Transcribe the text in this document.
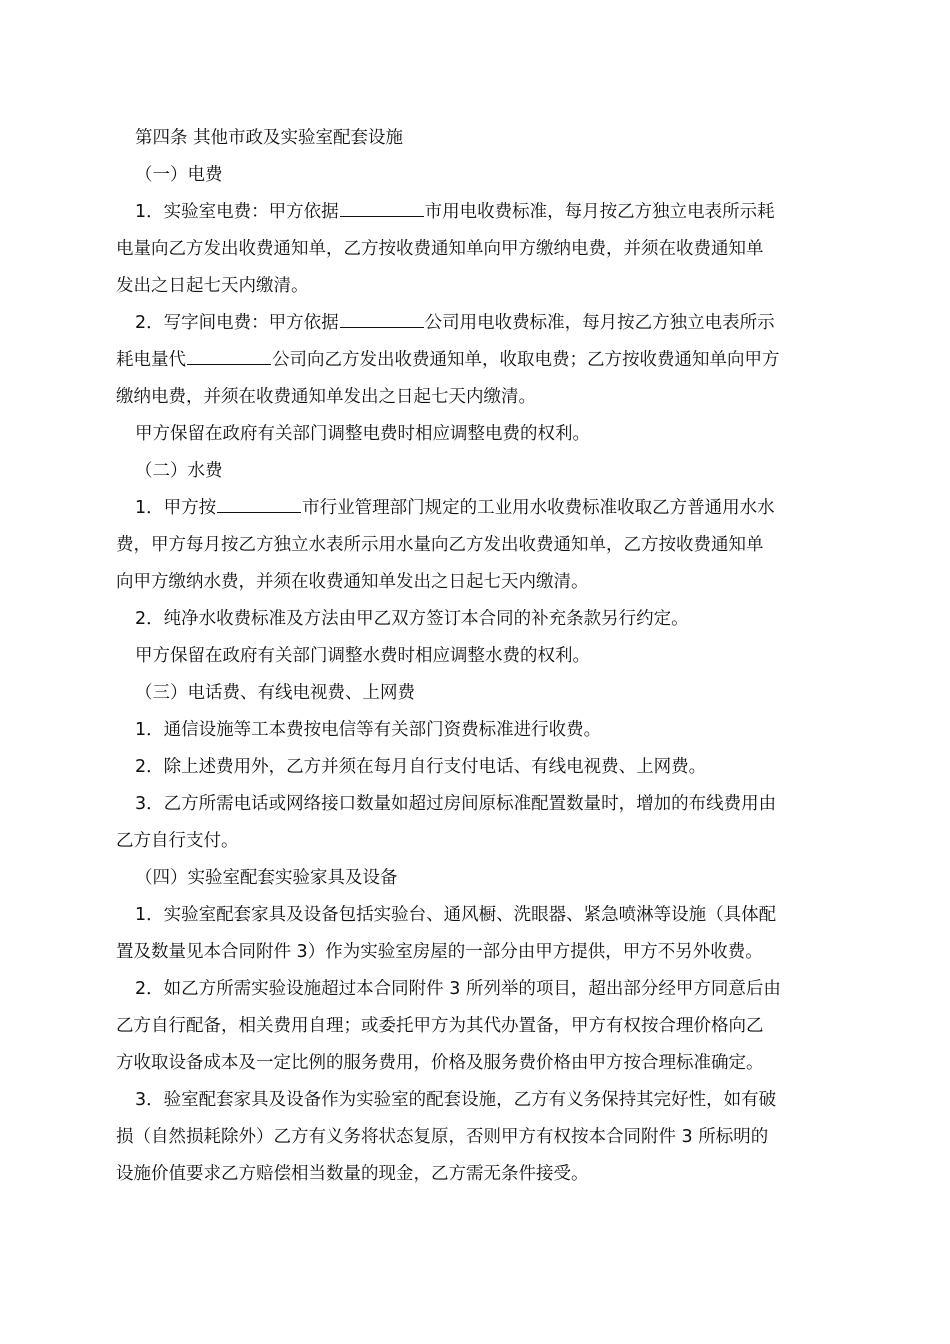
第四条 其他市政及实验室配套设施
（一）电费
1．实验室电费：甲方依据	市用电收费标准，每月按乙方独立电表所示耗
电量向乙方发出收费通知单，乙方按收费通知单向甲方缴纳电费，并须在收费通知单
发出之日起七天内缴清。
2．写字间电费：甲方依据	公司用电收费标准，每月按乙方独立电表所示
耗电量代	公司向乙方发出收费通知单，收取电费；乙方按收费通知单向甲方
缴纳电费，并须在收费通知单发出之日起七天内缴清。
甲方保留在政府有关部门调整电费时相应调整电费的权利。
（二）水费
1．甲方按	市行业管理部门规定的工业用水收费标准收取乙方普通用水水
费，甲方每月按乙方独立水表所示用水量向乙方发出收费通知单，乙方按收费通知单
向甲方缴纳水费，并须在收费通知单发出之日起七天内缴清。
2．纯净水收费标准及方法由甲乙双方签订本合同的补充条款另行约定。
甲方保留在政府有关部门调整水费时相应调整水费的权利。
（三）电话费、有线电视费、上网费
1．通信设施等工本费按电信等有关部门资费标准进行收费。
2．除上述费用外，乙方并须在每月自行支付电话、有线电视费、上网费。
3．乙方所需电话或网络接口数量如超过房间原标准配置数量时，增加的布线费用由
乙方自行支付。
（四）实验室配套实验家具及设备
1．实验室配套家具及设备包括实验台、通风橱、洗眼器、紧急喷淋等设施（具体配
置及数量见本合同附件 3）作为实验室房屋的一部分由甲方提供，甲方不另外收费。
2．如乙方所需实验设施超过本合同附件 3 所列举的项目，超出部分经甲方同意后由
乙方自行配备，相关费用自理；或委托甲方为其代办置备，甲方有权按合理价格向乙
方收取设备成本及一定比例的服务费用，价格及服务费价格由甲方按合理标准确定。
3．验室配套家具及设备作为实验室的配套设施，乙方有义务保持其完好性，如有破
损（自然损耗除外）乙方有义务将状态复原，否则甲方有权按本合同附件 3 所标明的
设施价值要求乙方赔偿相当数量的现金，乙方需无条件接受。
